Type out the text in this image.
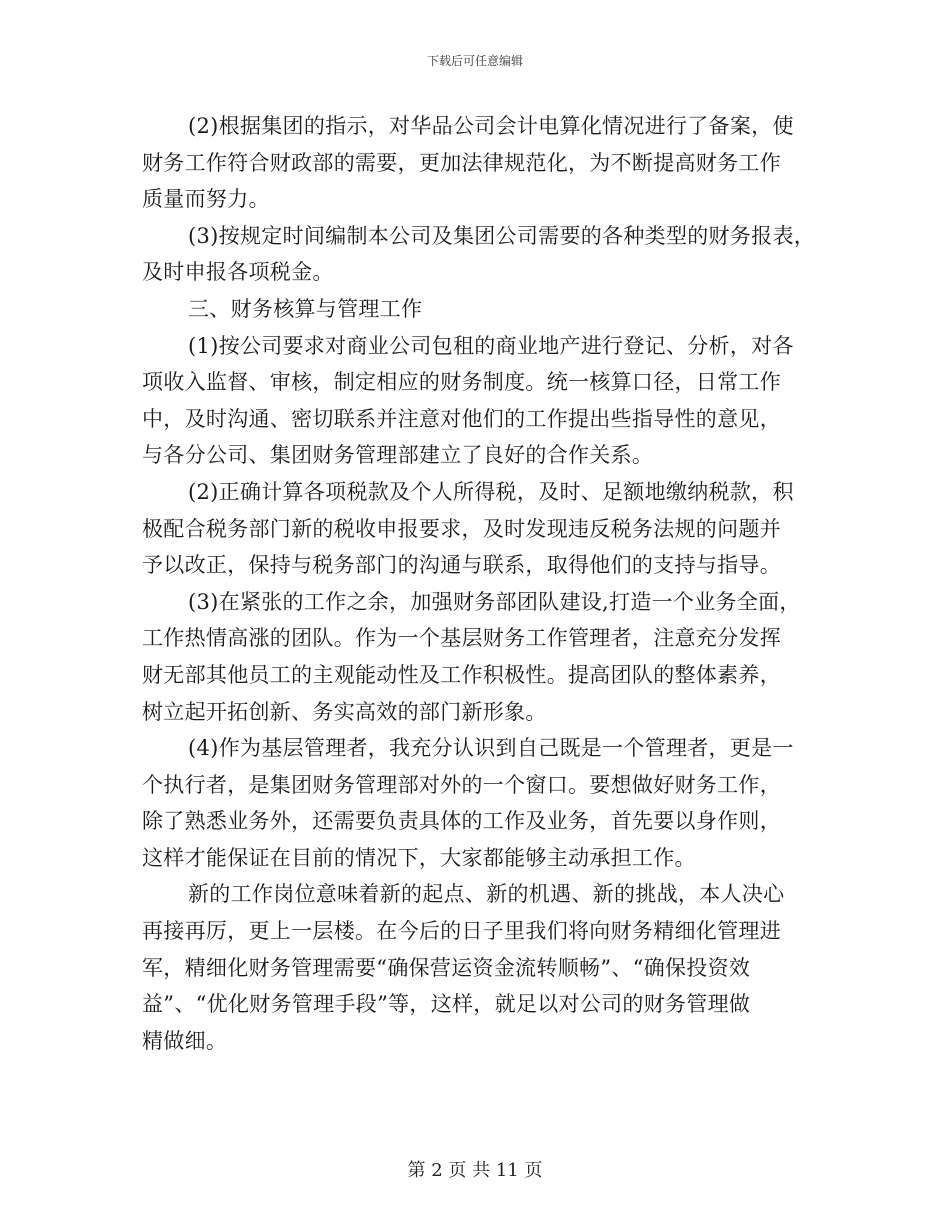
下载后可任意编辑
(2)根据集团的指示，对华品公司会计电算化情况进行了备案，使
财务工作符合财政部的需要，更加法律规范化，为不断提高财务工作
质量而努力。
(3)按规定时间编制本公司及集团公司需要的各种类型的财务报表，
及时申报各项税金。
三、财务核算与管理工作
(1)按公司要求对商业公司包租的商业地产进行登记、分析，对各
项收入监督、审核，制定相应的财务制度。统一核算口径，日常工作
中，及时沟通、密切联系并注意对他们的工作提出些指导性的意见，
与各分公司、集团财务管理部建立了良好的合作关系。
(2)正确计算各项税款及个人所得税，及时、足额地缴纳税款，积
极配合税务部门新的税收申报要求，及时发现违反税务法规的问题并
予以改正，保持与税务部门的沟通与联系，取得他们的支持与指导。
(3)在紧张的工作之余，加强财务部团队建设,打造一个业务全面，
工作热情高涨的团队。作为一个基层财务工作管理者，注意充分发挥
财无部其他员工的主观能动性及工作积极性。提高团队的整体素养，
树立起开拓创新、务实高效的部门新形象。
(4)作为基层管理者，我充分认识到自己既是一个管理者，更是一
个执行者，是集团财务管理部对外的一个窗口。要想做好财务工作，
除了熟悉业务外，还需要负责具体的工作及业务，首先要以身作则，
这样才能保证在目前的情况下，大家都能够主动承担工作。
新的工作岗位意味着新的起点、新的机遇、新的挑战，本人决心
再接再厉，更上一层楼。在今后的日子里我们将向财务精细化管理进
军，精细化财务管理需要“确保营运资金流转顺畅”、“确保投资效
益”、“优化财务管理手段”等，这样，就足以对公司的财务管理做
精做细。
第 2 页 共 11 页
